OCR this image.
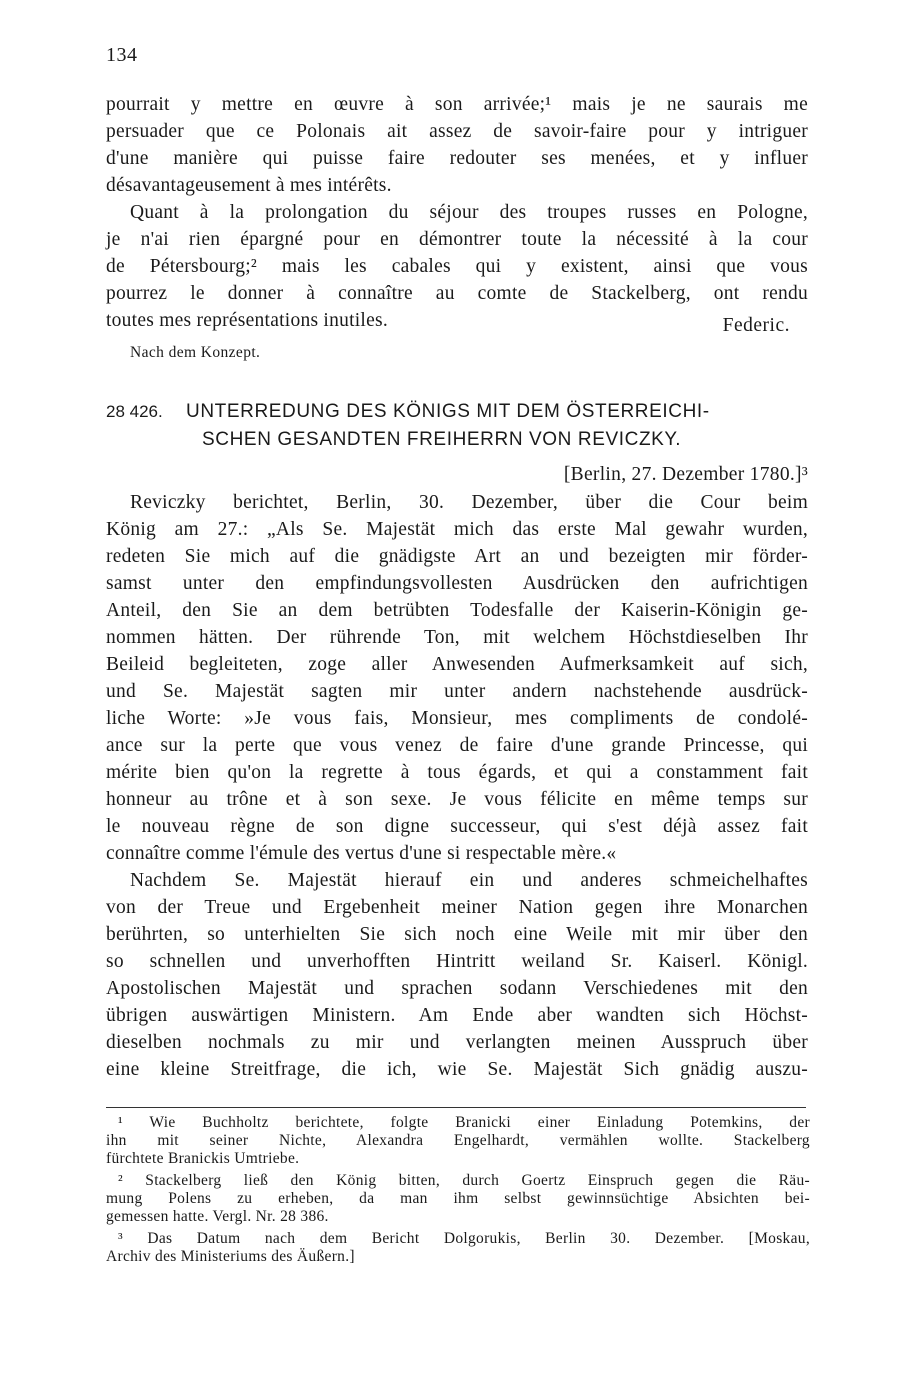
134
pourrait y mettre en œuvre à son arrivée;¹ mais je ne saurais me
persuader que ce Polonais ait assez de savoir-faire pour y intriguer
d'une manière qui puisse faire redouter ses menées, et y influer
désavantageusement à mes intérêts.
Quant à la prolongation du séjour des troupes russes en Pologne,
je n'ai rien épargné pour en démontrer toute la nécessité à la cour
de Pétersbourg;² mais les cabales qui y existent, ainsi que vous
pourrez le donner à connaître au comte de Stackelberg, ont rendu
toutes mes représentations inutiles.	Federic.
Nach dem Konzept.
28 426. UNTERREDUNG DES KÖNIGS MIT DEM ÖSTERREICHI-
SCHEN GESANDTEN FREIHERRN VON REVICZKY.
[Berlin, 27. Dezember 1780.]³
Reviczky berichtet, Berlin, 30. Dezember, über die Cour beim
König am 27.: „Als Se. Majestät mich das erste Mal gewahr wurden,
redeten Sie mich auf die gnädigste Art an und bezeigten mir förder-
samst unter den empfindungsvollesten Ausdrücken den aufrichtigen
Anteil, den Sie an dem betrübten Todesfalle der Kaiserin-Königin ge-
nommen hätten. Der rührende Ton, mit welchem Höchstdieselben Ihr
Beileid begleiteten, zoge aller Anwesenden Aufmerksamkeit auf sich,
und Se. Majestät sagten mir unter andern nachstehende ausdrück-
liche Worte: »Je vous fais, Monsieur, mes compliments de condolé-
ance sur la perte que vous venez de faire d'une grande Princesse, qui
mérite bien qu'on la regrette à tous égards, et qui a constamment fait
honneur au trône et à son sexe. Je vous félicite en même temps sur
le nouveau règne de son digne successeur, qui s'est déjà assez fait
connaître comme l'émule des vertus d'une si respectable mère.«
Nachdem Se. Majestät hierauf ein und anderes schmeichelhaftes
von der Treue und Ergebenheit meiner Nation gegen ihre Monarchen
berührten, so unterhielten Sie sich noch eine Weile mit mir über den
so schnellen und unverhofften Hintritt weiland Sr. Kaiserl. Königl.
Apostolischen Majestät und sprachen sodann Verschiedenes mit den
übrigen auswärtigen Ministern. Am Ende aber wandten sich Höchst-
dieselben nochmals zu mir und verlangten meinen Ausspruch über
eine kleine Streitfrage, die ich, wie Se. Majestät Sich gnädig auszu-
¹ Wie Buchholtz berichtete, folgte Branicki einer Einladung Potemkins, der
ihn mit seiner Nichte, Alexandra Engelhardt, vermählen wollte. Stackelberg
fürchtete Branickis Umtriebe.
² Stackelberg ließ den König bitten, durch Goertz Einspruch gegen die Räu-
mung Polens zu erheben, da man ihm selbst gewinnsüchtige Absichten bei-
gemessen hatte. Vergl. Nr. 28 386.
³ Das Datum nach dem Bericht Dolgorukis, Berlin 30. Dezember. [Moskau,
Archiv des Ministeriums des Äußern.]
